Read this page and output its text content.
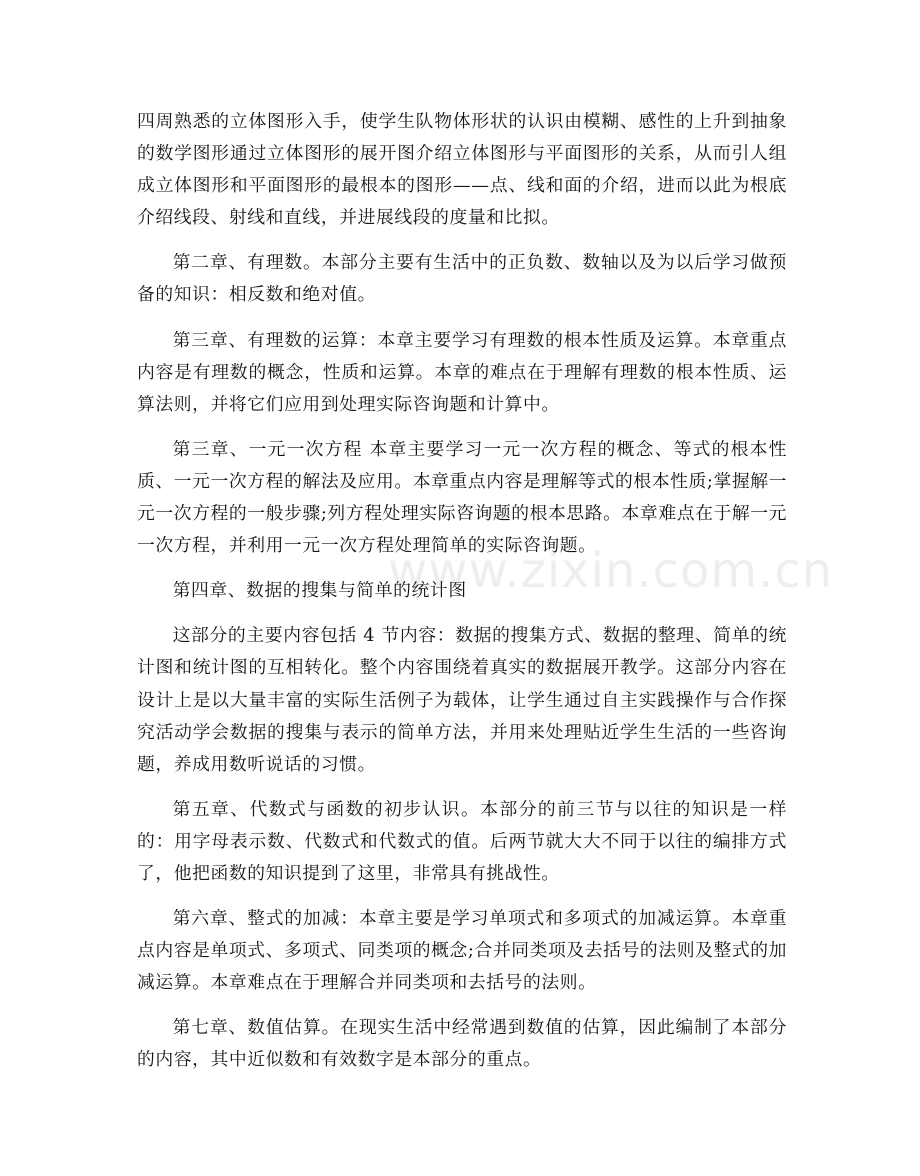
四周熟悉的立体图形入手，使学生队物体形状的认识由模糊、感性的上升到抽象的数学图形通过立体图形的展开图介绍立体图形与平面图形的关系，从而引人组成立体图形和平面图形的最根本的图形——点、线和面的介绍，进而以此为根底介绍线段、射线和直线，并进展线段的度量和比拟。

第二章、有理数。本部分主要有生活中的正负数、数轴以及为以后学习做预备的知识：相反数和绝对值。

第三章、有理数的运算：本章主要学习有理数的根本性质及运算。本章重点内容是有理数的概念，性质和运算。本章的难点在于理解有理数的根本性质、运算法则，并将它们应用到处理实际咨询题和计算中。

第三章、一元一次方程 本章主要学习一元一次方程的概念、等式的根本性质、一元一次方程的解法及应用。本章重点内容是理解等式的根本性质;掌握解一元一次方程的一般步骤;列方程处理实际咨询题的根本思路。本章难点在于解一元一次方程，并利用一元一次方程处理简单的实际咨询题。

第四章、数据的搜集与简单的统计图

这部分的主要内容包括 4 节内容：数据的搜集方式、数据的整理、简单的统计图和统计图的互相转化。整个内容围绕着真实的数据展开教学。这部分内容在设计上是以大量丰富的实际生活例子为载体，让学生通过自主实践操作与合作探究活动学会数据的搜集与表示的简单方法，并用来处理贴近学生生活的一些咨询题，养成用数听说话的习惯。

第五章、代数式与函数的初步认识。本部分的前三节与以往的知识是一样的：用字母表示数、代数式和代数式的值。后两节就大大不同于以往的编排方式了，他把函数的知识提到了这里，非常具有挑战性。

第六章、整式的加减：本章主要是学习单项式和多项式的加减运算。本章重点内容是单项式、多项式、同类项的概念;合并同类项及去括号的法则及整式的加减运算。本章难点在于理解合并同类项和去括号的法则。

第七章、数值估算。在现实生活中经常遇到数值的估算，因此编制了本部分的内容，其中近似数和有效数字是本部分的重点。

www.zixin.com.cn
